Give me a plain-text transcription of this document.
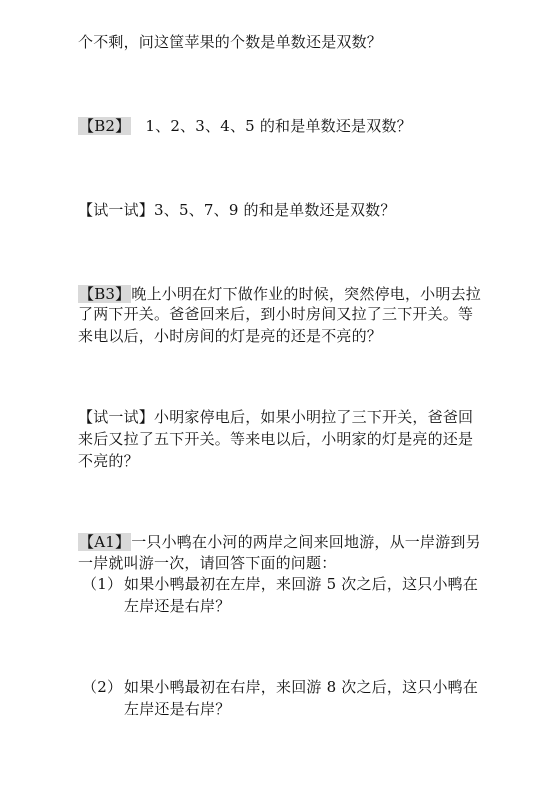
个不剩，问这筐苹果的个数是单数还是双数？
【B2】 1、2、3、4、5 的和是单数还是双数？
【试一试】3、5、7、9 的和是单数还是双数？
【B3】晚上小明在灯下做作业的时候，突然停电，小明去拉
了两下开关。爸爸回来后，到小时房间又拉了三下开关。等
来电以后，小时房间的灯是亮的还是不亮的？
【试一试】小明家停电后，如果小明拉了三下开关，爸爸回
来后又拉了五下开关。等来电以后，小明家的灯是亮的还是
不亮的？
【A1】一只小鸭在小河的两岸之间来回地游，从一岸游到另
一岸就叫游一次，请回答下面的问题：
（1） 如果小鸭最初在左岸，来回游 5 次之后，这只小鸭在
左岸还是右岸？
（2） 如果小鸭最初在右岸，来回游 8 次之后，这只小鸭在
左岸还是右岸？
